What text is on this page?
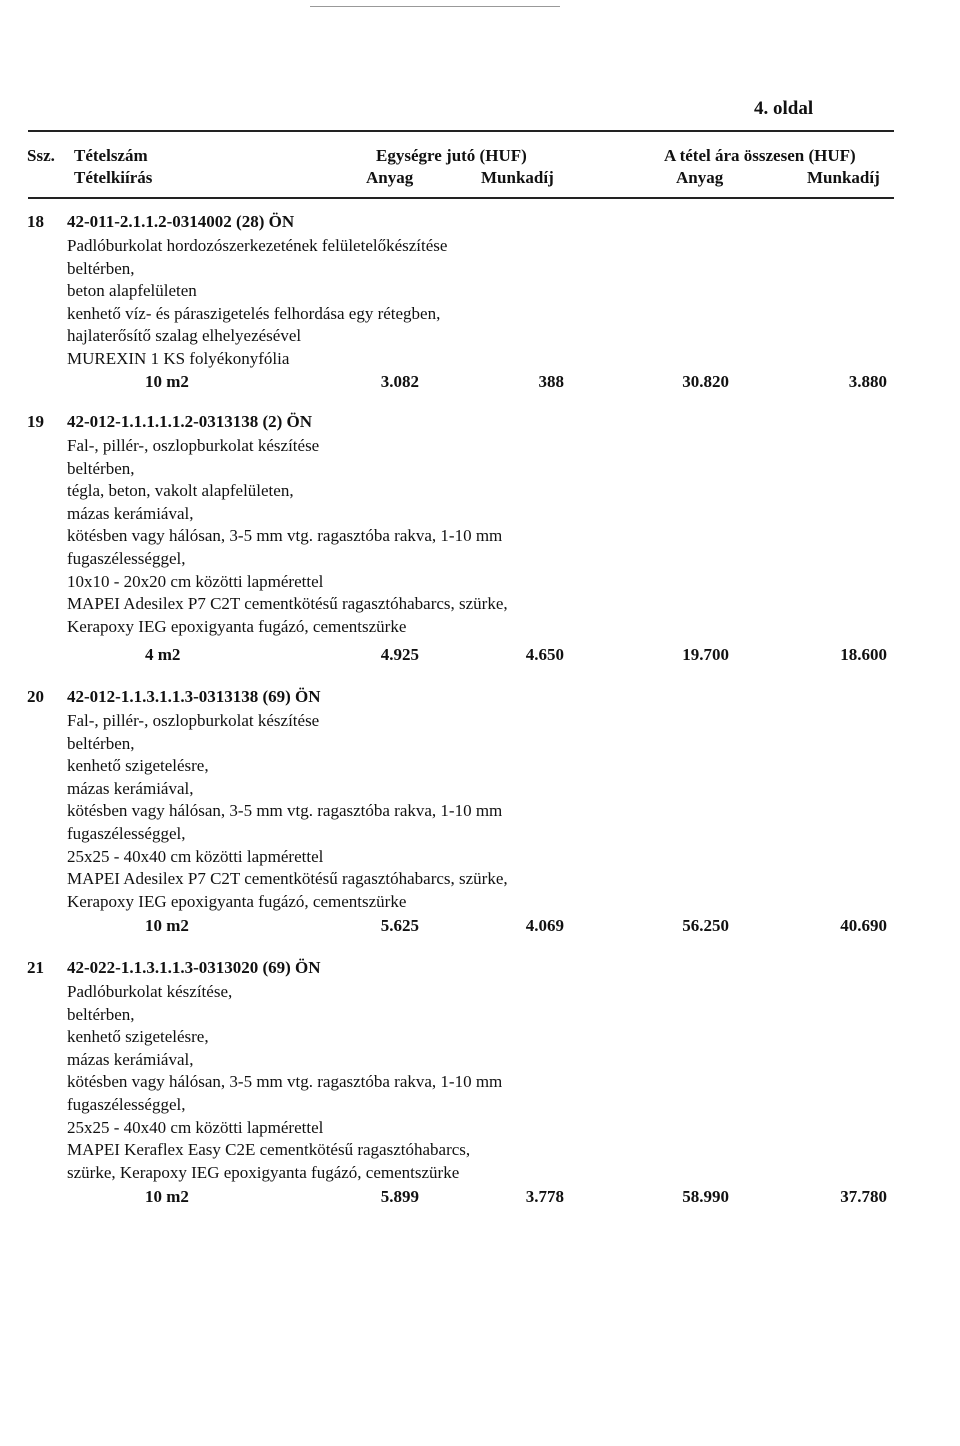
4. oldal
Ssz. Tételszám
Tételkiírás
Egységre jutó (HUF)	A tétel ára összesen (HUF)
Anyag	Munkadíj	Anyag	Munkadíj
18 42-011-2.1.1.2-0314002 (28) ÖN
Padlóburkolat hordozószerkezetének felületelőkészítése
beltérben,
beton alapfelületen
kenhető víz- és páraszigetelés felhordása egy rétegben,
hajlaterősítő szalag elhelyezésével
MUREXIN 1 KS folyékonyfólia
10 m2	3.082	388	30.820	3.880
19 42-012-1.1.1.1.1.2-0313138 (2) ÖN
Fal-, pillér-, oszlopburkolat készítése
beltérben,
tégla, beton, vakolt alapfelületen,
mázas kerámiával,
kötésben vagy hálósan, 3-5 mm vtg. ragasztóba rakva, 1-10 mm
fugaszélességgel,
10x10 - 20x20 cm közötti lapmérettel
MAPEI Adesilex P7 C2T cementkötésű ragasztóhabarcs, szürke,
Kerapoxy IEG epoxigyanta fugázó, cementszürke
4 m2	4.925	4.650	19.700	18.600
20 42-012-1.1.3.1.1.3-0313138 (69) ÖN
Fal-, pillér-, oszlopburkolat készítése
beltérben,
kenhető szigetelésre,
mázas kerámiával,
kötésben vagy hálósan, 3-5 mm vtg. ragasztóba rakva, 1-10 mm
fugaszélességgel,
25x25 - 40x40 cm közötti lapmérettel
MAPEI Adesilex P7 C2T cementkötésű ragasztóhabarcs, szürke,
Kerapoxy IEG epoxigyanta fugázó, cementszürke
10 m2	5.625	4.069	56.250	40.690
21 42-022-1.1.3.1.1.3-0313020 (69) ÖN
Padlóburkolat készítése,
beltérben,
kenhető szigetelésre,
mázas kerámiával,
kötésben vagy hálósan, 3-5 mm vtg. ragasztóba rakva, 1-10 mm
fugaszélességgel,
25x25 - 40x40 cm közötti lapmérettel
MAPEI Keraflex Easy C2E cementkötésű ragasztóhabarcs,
szürke, Kerapoxy IEG epoxigyanta fugázó, cementszürke
10 m2	5.899	3.778	58.990	37.780
